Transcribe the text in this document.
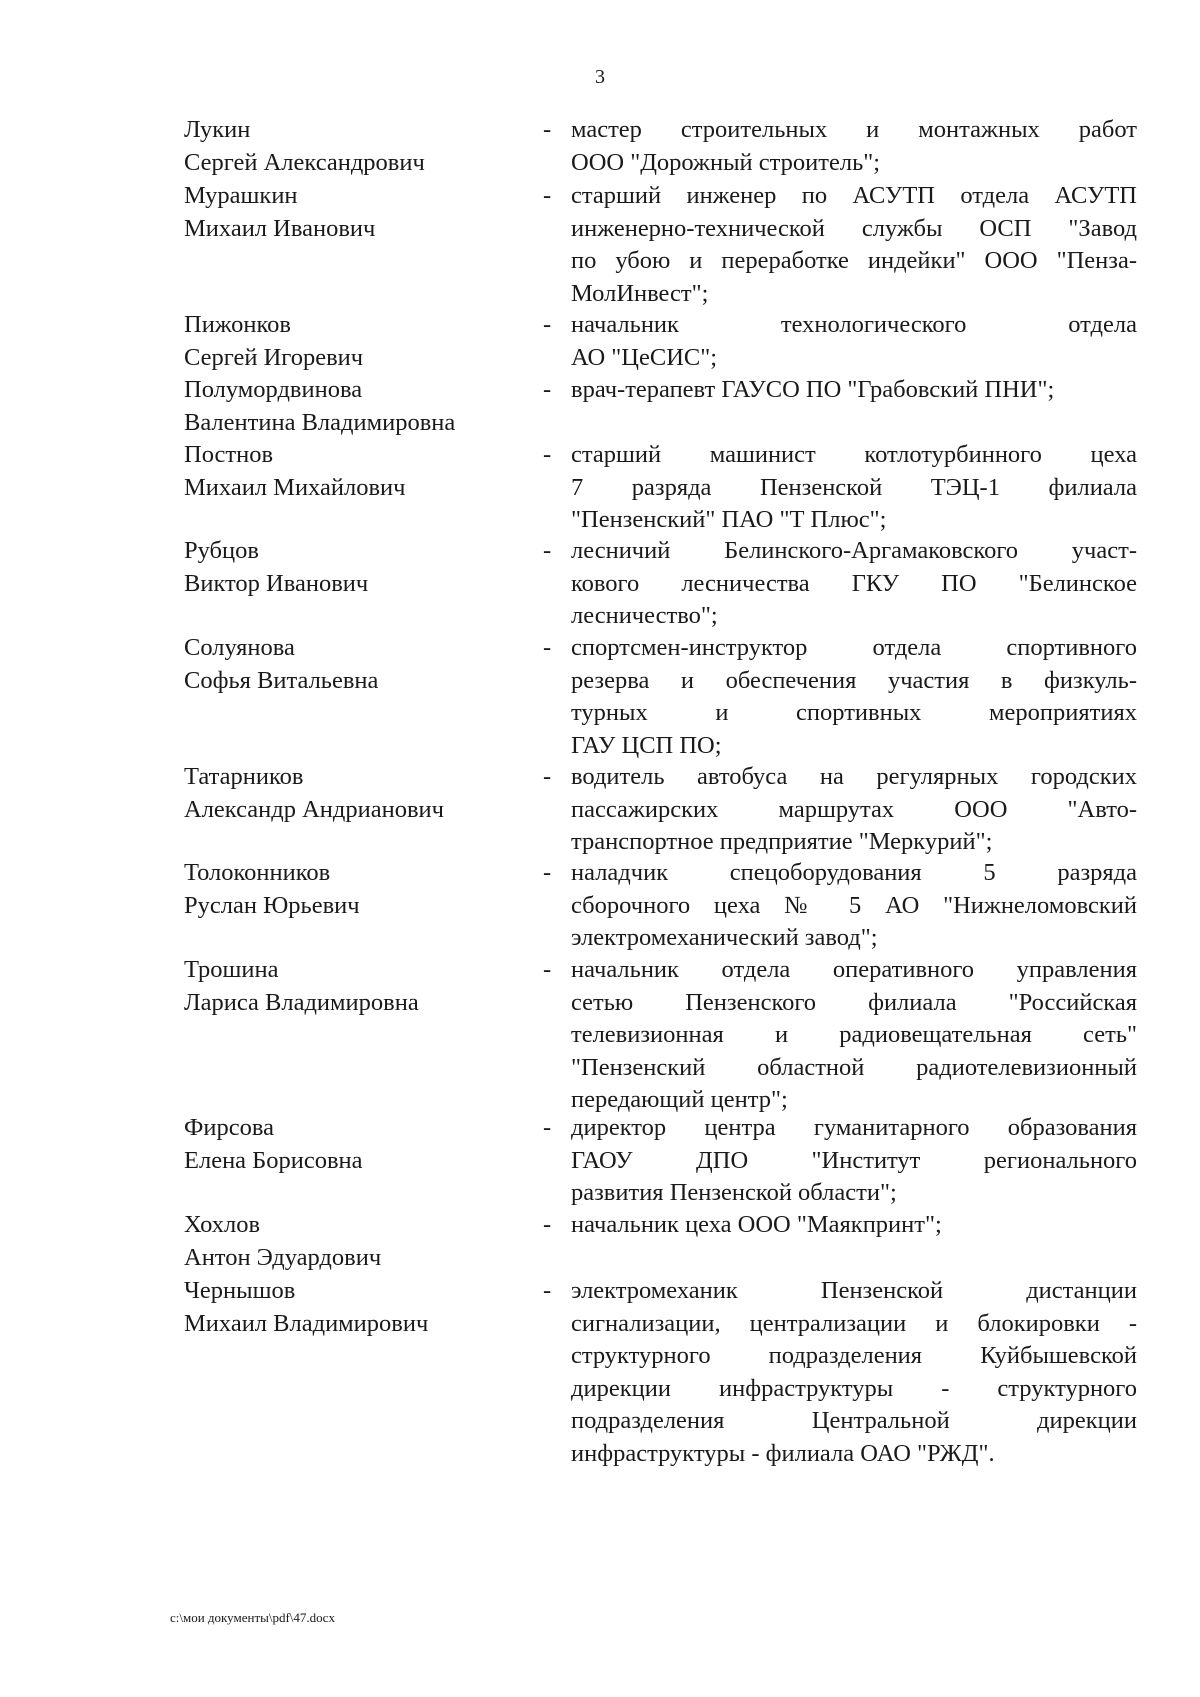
3
Лукин
Сергей Александрович
- мастер строительных и монтажных работ
ООО "Дорожный строитель";
Мурашкин
Михаил Иванович
- старший инженер по АСУТП отдела АСУТП
инженерно-технической службы ОСП "Завод
по убою и переработке индейки" ООО "Пенза-
МолИнвест";
Пижонков
Сергей Игоревич
- начальник технологического отдела
АО "ЦеСИС";
Полумордвинова
Валентина Владимировна
- врач-терапевт ГАУСО ПО "Грабовский ПНИ";
Постнов
Михаил Михайлович
- старший машинист котлотурбинного цеха
7 разряда Пензенской ТЭЦ-1 филиала
"Пензенский" ПАО "Т Плюс";
Рубцов
Виктор Иванович
- лесничий Белинского-Аргамаковского участ-
кового лесничества ГКУ ПО "Белинское
лесничество";
Солуянова
Софья Витальевна
- спортсмен-инструктор отдела спортивного
резерва и обеспечения участия в физкуль-
турных и спортивных мероприятиях
ГАУ ЦСП ПО;
Татарников
Александр Андрианович
- водитель автобуса на регулярных городских
пассажирских маршрутах ООО "Авто-
транспортное предприятие "Меркурий";
Толоконников
Руслан Юрьевич
- наладчик спецоборудования 5 разряда
сборочного цеха № 5 АО "Нижнеломовский
электромеханический завод";
Трошина
Лариса Владимировна
- начальник отдела оперативного управления
сетью Пензенского филиала "Российская
телевизионная и радиовещательная сеть"
"Пензенский областной радиотелевизионный
передающий центр";
Фирсова
Елена Борисовна
- директор центра гуманитарного образования
ГАОУ ДПО "Институт регионального
развития Пензенской области";
Хохлов
Антон Эдуардович
- начальник цеха ООО "Маякпринт";
Чернышов
Михаил Владимирович
- электромеханик Пензенской дистанции
сигнализации, централизации и блокировки -
структурного подразделения Куйбышевской
дирекции инфраструктуры - структурного
подразделения Центральной дирекции
инфраструктуры - филиала ОАО "РЖД".
c:\мои документы\pdf\47.docx
